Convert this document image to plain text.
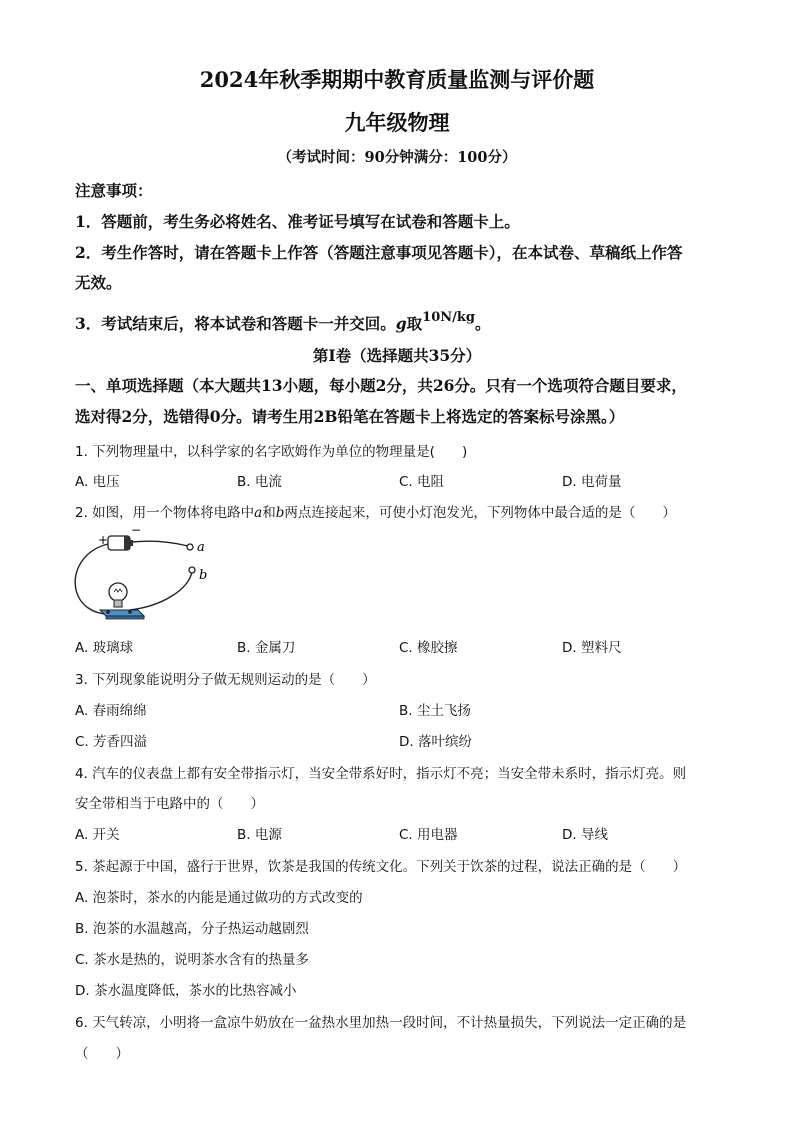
2024年秋季期期中教育质量监测与评价题
九年级物理
（考试时间：90分钟满分：100分）
注意事项：
1．答题前，考生务必将姓名、准考证号填写在试卷和答题卡上。
2．考生作答时，请在答题卡上作答（答题注意事项见答题卡），在本试卷、草稿纸上作答
无效。
3．考试结束后，将本试卷和答题卡一并交回。g取$^{10N/kg}$。
第Ⅰ卷（选择题共35分）
一、单项选择题（本大题共13小题，每小题2分，共26分。只有一个选项符合题目要求，
选对得2分，选错得0分。请考生用2B铅笔在答题卡上将选定的答案标号涂黑。）
1. 下列物理量中，以科学家的名字欧姆作为单位的物理量是(　　)
A. 电压	B. 电流	C. 电阻	D. 电荷量
2. 如图，用一个物体将电路中a和b两点连接起来，可使小灯泡发光，下列物体中最合适的是（　　）
+
−
a
b
A. 玻璃球	B. 金属刀	C. 橡胶擦	D. 塑料尺
3. 下列现象能说明分子做无规则运动的是（　　）
A. 春雨绵绵	B. 尘土飞扬
C. 芳香四溢	D. 落叶缤纷
4. 汽车的仪表盘上都有安全带指示灯，当安全带系好时，指示灯不亮；当安全带未系时，指示灯亮。则
安全带相当于电路中的（　　）
A. 开关	B. 电源	C. 用电器	D. 导线
5. 茶起源于中国，盛行于世界，饮茶是我国的传统文化。下列关于饮茶的过程，说法正确的是（　　）
A. 泡茶时，茶水的内能是通过做功的方式改变的
B. 泡茶的水温越高，分子热运动越剧烈
C. 茶水是热的，说明茶水含有的热量多
D. 茶水温度降低，茶水的比热容减小
6. 天气转凉，小明将一盒凉牛奶放在一盆热水里加热一段时间，不计热量损失，下列说法一定正确的是
（　　）
